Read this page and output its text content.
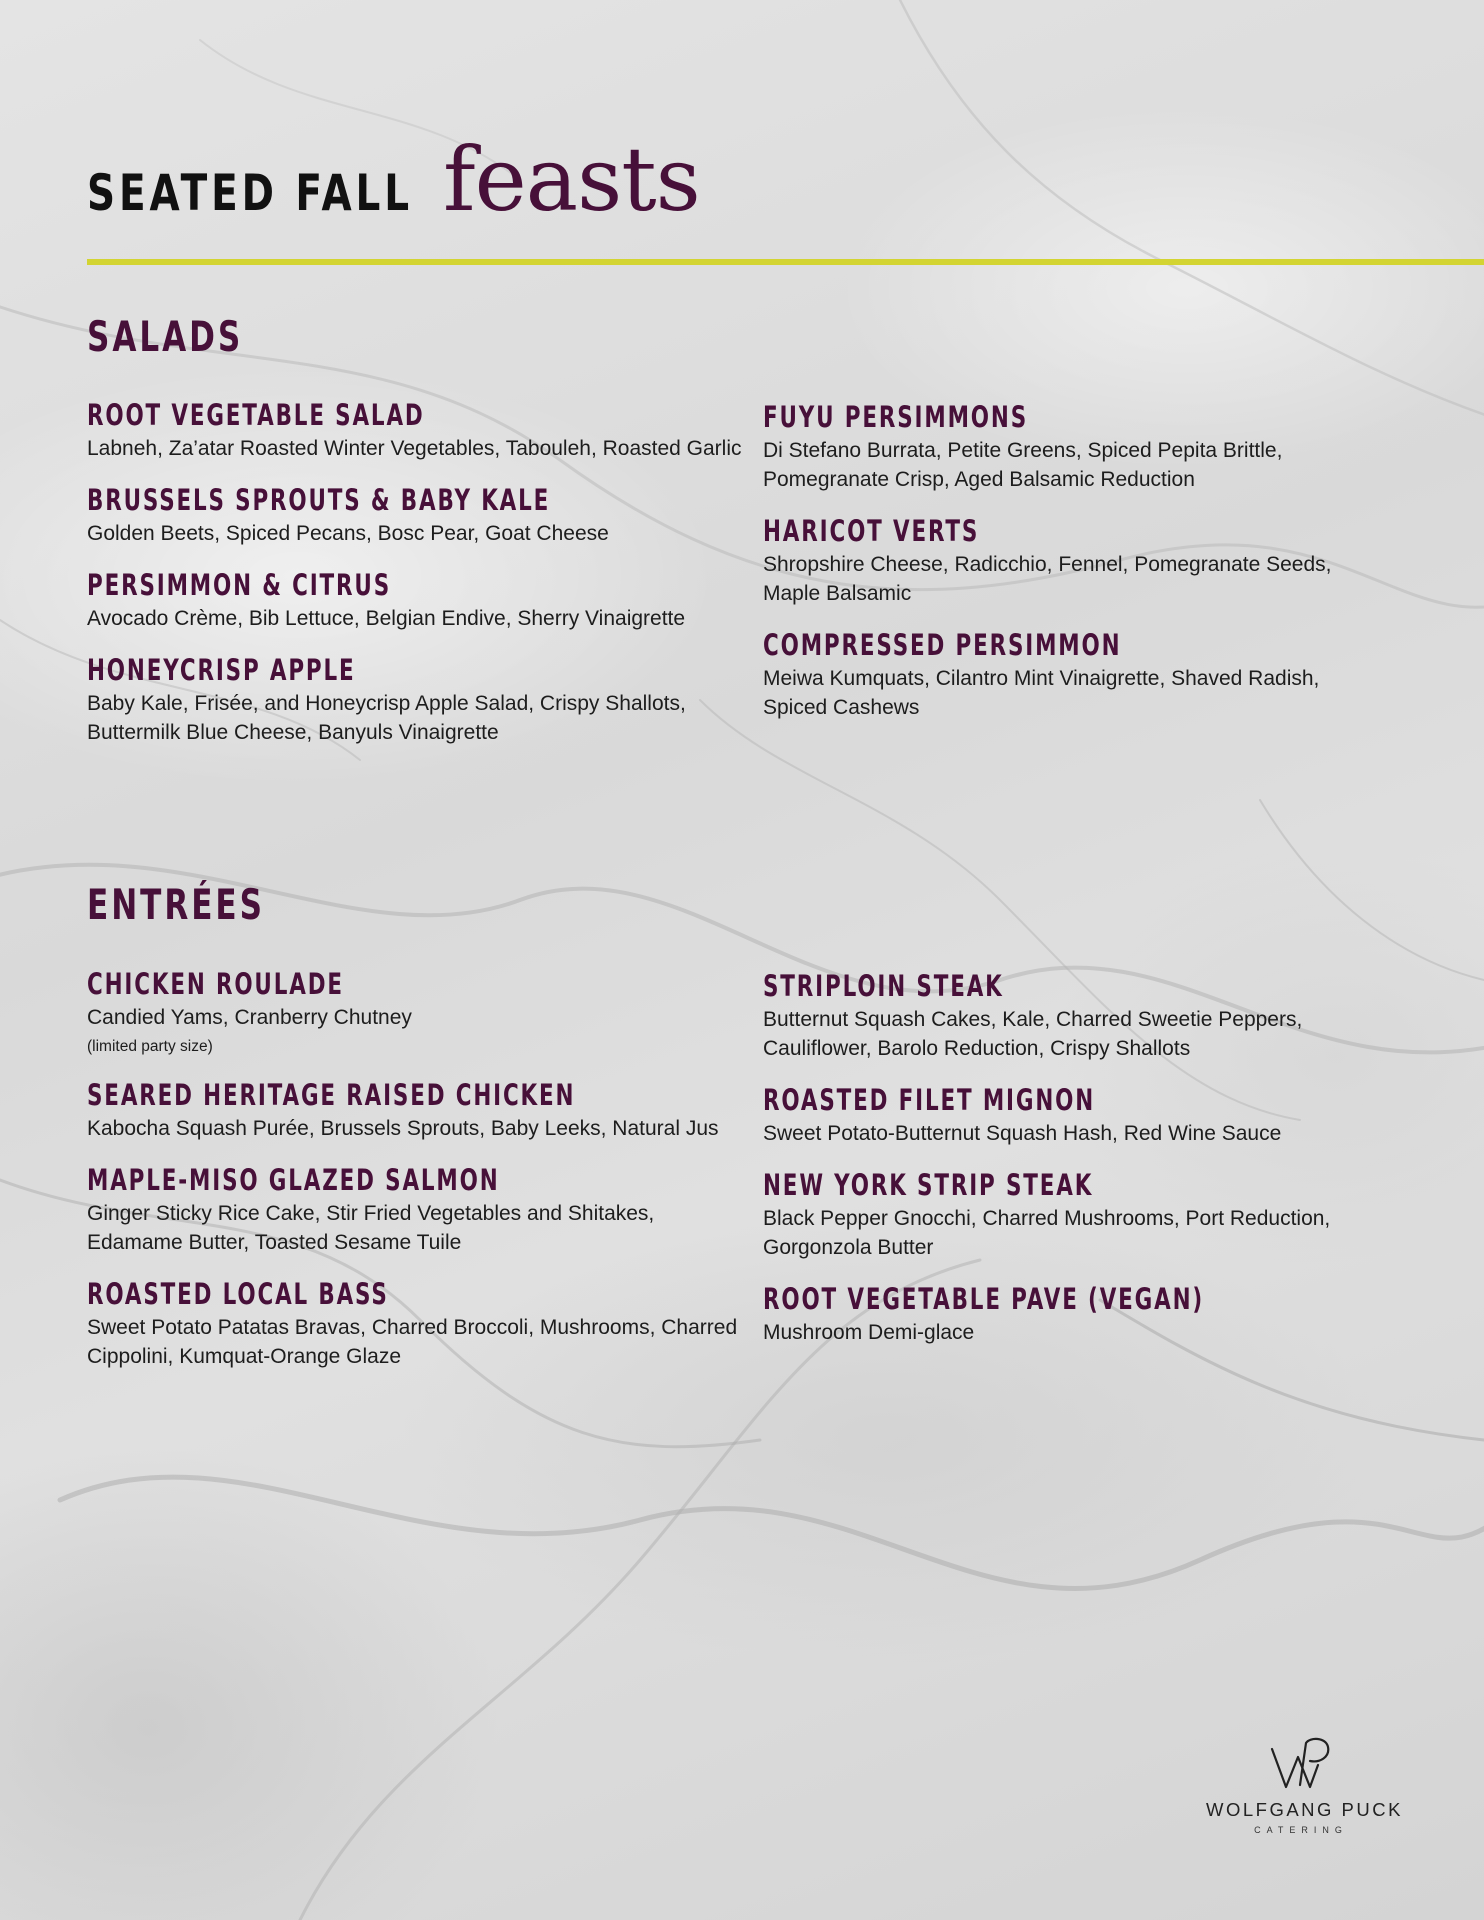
SEATED FALL feasts
SALADS
ROOT VEGETABLE SALAD
Labneh, Za’atar Roasted Winter Vegetables, Tabouleh, Roasted Garlic
BRUSSELS SPROUTS & BABY KALE
Golden Beets, Spiced Pecans, Bosc Pear, Goat Cheese
PERSIMMON & CITRUS
Avocado Crème, Bib Lettuce, Belgian Endive, Sherry Vinaigrette
HONEYCRISP APPLE
Baby Kale, Frisée, and Honeycrisp Apple Salad, Crispy Shallots, Buttermilk Blue Cheese, Banyuls Vinaigrette
FUYU PERSIMMONS
Di Stefano Burrata, Petite Greens, Spiced Pepita Brittle, Pomegranate Crisp, Aged Balsamic Reduction
HARICOT VERTS
Shropshire Cheese, Radicchio, Fennel, Pomegranate Seeds, Maple Balsamic
COMPRESSED PERSIMMON
Meiwa Kumquats, Cilantro Mint Vinaigrette, Shaved Radish, Spiced Cashews
ENTRÉES
CHICKEN ROULADE
Candied Yams, Cranberry Chutney
(limited party size)
SEARED HERITAGE RAISED CHICKEN
Kabocha Squash Purée, Brussels Sprouts, Baby Leeks, Natural Jus
MAPLE-MISO GLAZED SALMON
Ginger Sticky Rice Cake, Stir Fried Vegetables and Shitakes, Edamame Butter, Toasted Sesame Tuile
ROASTED LOCAL BASS
Sweet Potato Patatas Bravas, Charred Broccoli, Mushrooms, Charred Cippolini, Kumquat-Orange Glaze
STRIPLOIN STEAK
Butternut Squash Cakes, Kale, Charred Sweetie Peppers, Cauliflower, Barolo Reduction, Crispy Shallots
ROASTED FILET MIGNON
Sweet Potato-Butternut Squash Hash, Red Wine Sauce
NEW YORK STRIP STEAK
Black Pepper Gnocchi, Charred Mushrooms, Port Reduction, Gorgonzola Butter
ROOT VEGETABLE PAVE (VEGAN)
Mushroom Demi-glace
WOLFGANG PUCK
CATERING
